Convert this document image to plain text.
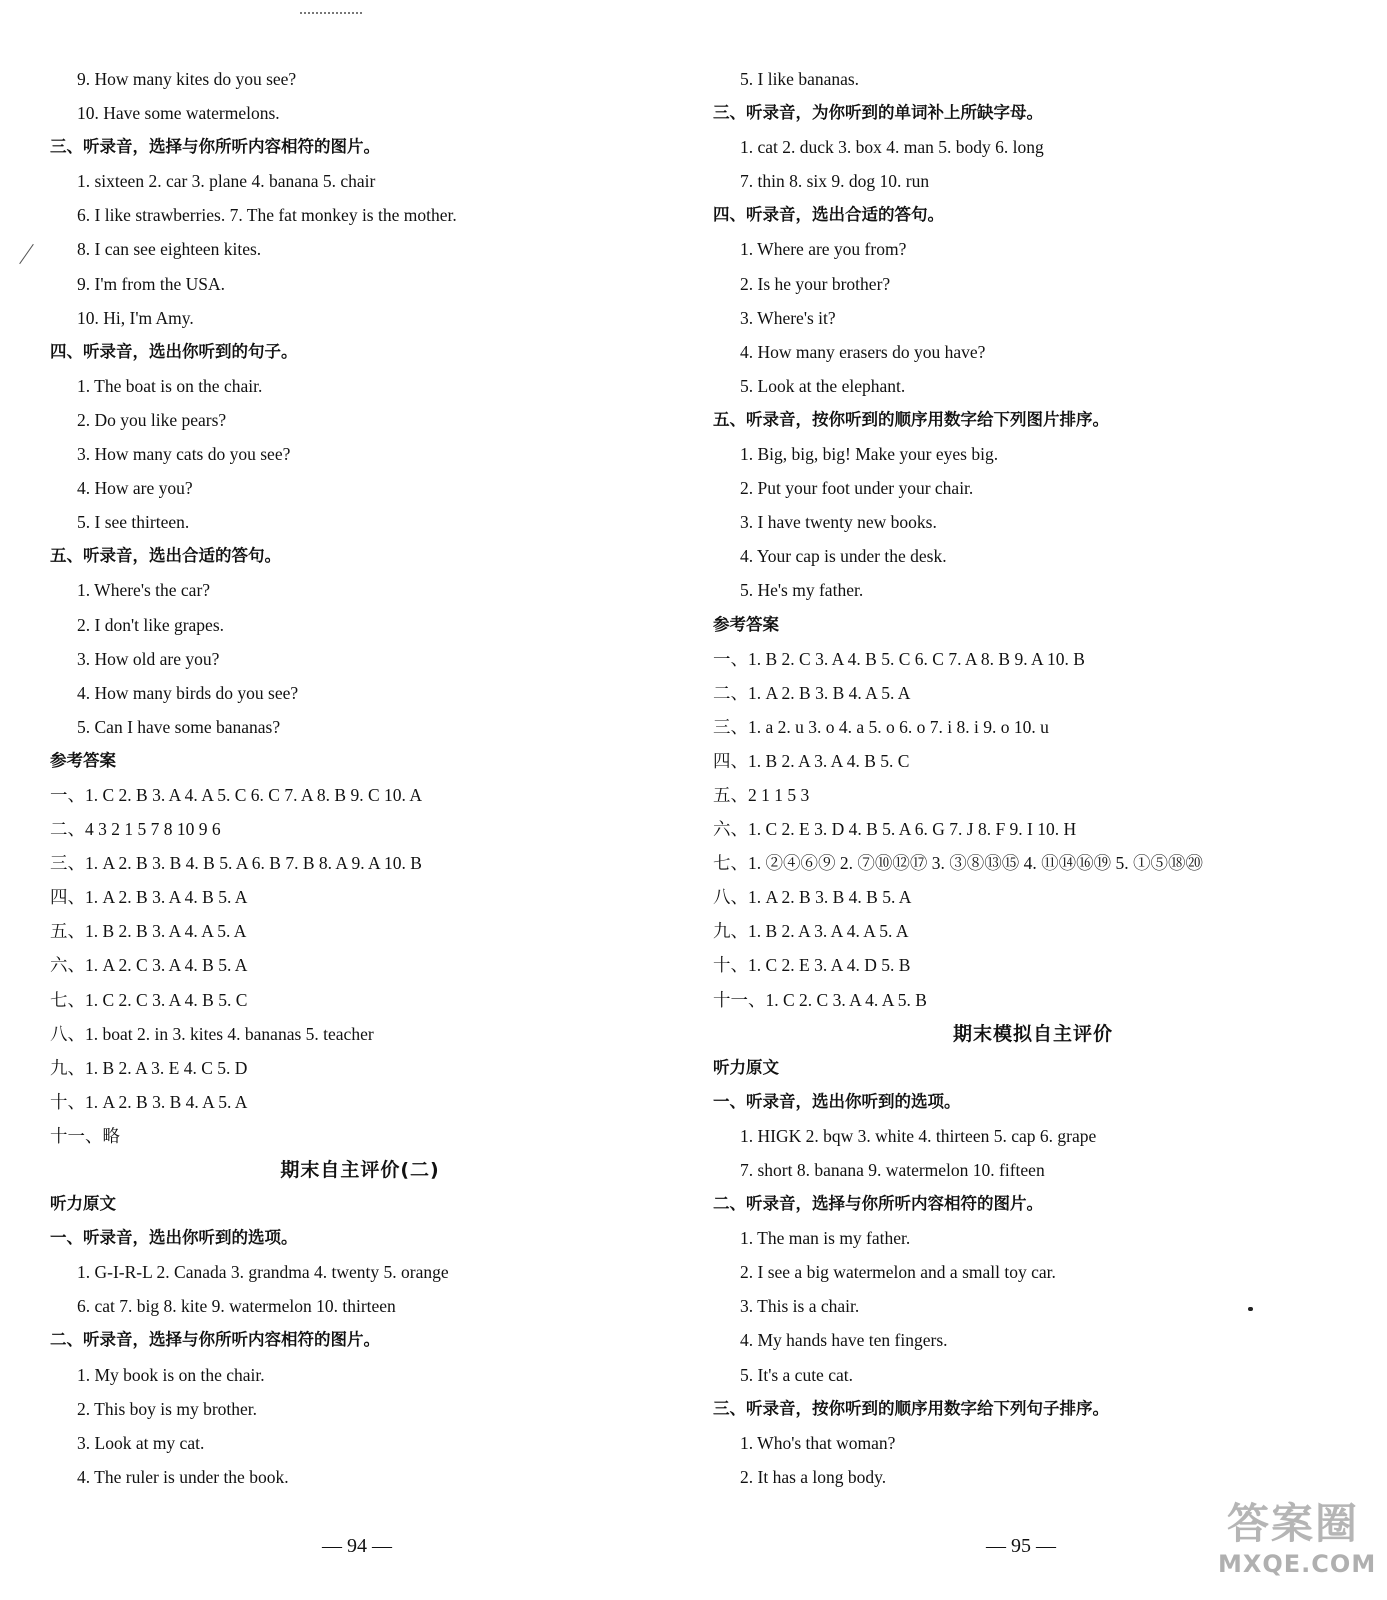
9. How many kites do you see?
10. Have some watermelons.
三、听录音，选择与你所听内容相符的图片。
1. sixteen 2. car 3. plane 4. banana 5. chair
6. I like strawberries. 7. The fat monkey is the mother.
8. I can see eighteen kites.
9. I'm from the USA.
10. Hi, I'm Amy.
四、听录音，选出你听到的句子。
1. The boat is on the chair.
2. Do you like pears?
3. How many cats do you see?
4. How are you?
5. I see thirteen.
五、听录音，选出合适的答句。
1. Where's the car?
2. I don't like grapes.
3. How old are you?
4. How many birds do you see?
5. Can I have some bananas?
参考答案
一、1. C 2. B 3. A 4. A 5. C 6. C 7. A 8. B 9. C 10. A
二、4 3 2 1 5 7 8 10 9 6
三、1. A 2. B 3. B 4. B 5. A 6. B 7. B 8. A 9. A 10. B
四、1. A 2. B 3. A 4. B 5. A
五、1. B 2. B 3. A 4. A 5. A
六、1. A 2. C 3. A 4. B 5. A
七、1. C 2. C 3. A 4. B 5. C
八、1. boat 2. in 3. kites 4. bananas 5. teacher
九、1. B 2. A 3. E 4. C 5. D
十、1. A 2. B 3. B 4. A 5. A
十一、略
期末自主评价(二)
听力原文
一、听录音，选出你听到的选项。
1. G-I-R-L 2. Canada 3. grandma 4. twenty 5. orange
6. cat 7. big 8. kite 9. watermelon 10. thirteen
二、听录音，选择与你所听内容相符的图片。
1. My book is on the chair.
2. This boy is my brother.
3. Look at my cat.
4. The ruler is under the book.
5. I like bananas.
三、听录音，为你听到的单词补上所缺字母。
1. cat 2. duck 3. box 4. man 5. body 6. long
7. thin 8. six 9. dog 10. run
四、听录音，选出合适的答句。
1. Where are you from?
2. Is he your brother?
3. Where's it?
4. How many erasers do you have?
5. Look at the elephant.
五、听录音，按你听到的顺序用数字给下列图片排序。
1. Big, big, big! Make your eyes big.
2. Put your foot under your chair.
3. I have twenty new books.
4. Your cap is under the desk.
5. He's my father.
参考答案
一、1. B 2. C 3. A 4. B 5. C 6. C 7. A 8. B 9. A 10. B
二、1. A 2. B 3. B 4. A 5. A
三、1. a 2. u 3. o 4. a 5. o 6. o 7. i 8. i 9. o 10. u
四、1. B 2. A 3. A 4. B 5. C
五、2 1 1 5 3
六、1. C 2. E 3. D 4. B 5. A 6. G 7. J 8. F 9. I 10. H
七、1. ②④⑥⑨ 2. ⑦⑩⑫⑰ 3. ③⑧⑬⑮ 4. ⑪⑭⑯⑲ 5. ①⑤⑱⑳
八、1. A 2. B 3. B 4. B 5. A
九、1. B 2. A 3. A 4. A 5. A
十、1. C 2. E 3. A 4. D 5. B
十一、1. C 2. C 3. A 4. A 5. B
期末模拟自主评价
听力原文
一、听录音，选出你听到的选项。
1. HIGK 2. bqw 3. white 4. thirteen 5. cap 6. grape
7. short 8. banana 9. watermelon 10. fifteen
二、听录音，选择与你所听内容相符的图片。
1. The man is my father.
2. I see a big watermelon and a small toy car.
3. This is a chair.
4. My hands have ten fingers.
5. It's a cute cat.
三、听录音，按你听到的顺序用数字给下列句子排序。
1. Who's that woman?
2. It has a long body.
— 94 —	— 95 —	答案圈
MXQE.COM
